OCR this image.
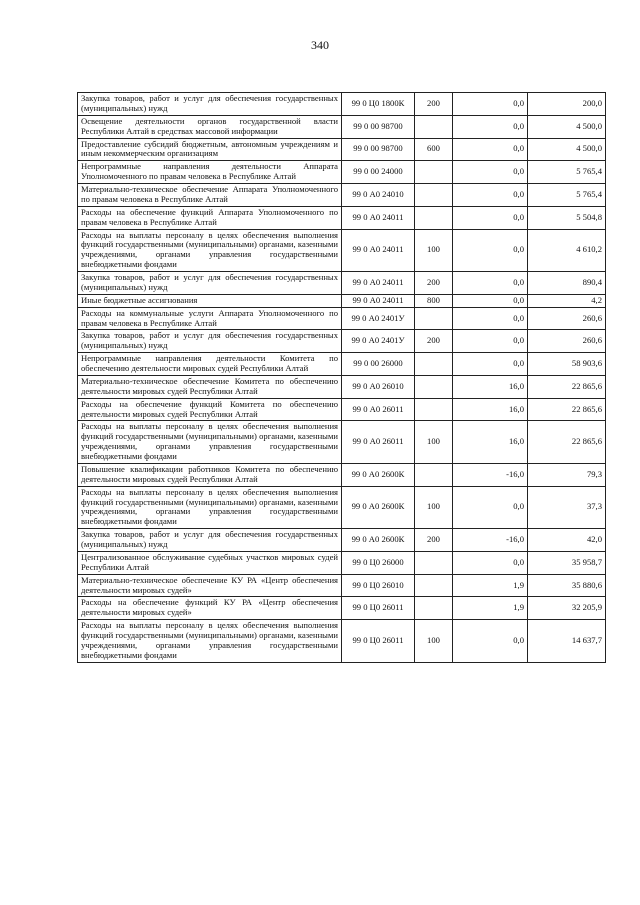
340
Закупка товаров, работ и услуг для обеспечения государственных (муниципальных) нужд	99 0 Ц0 1800К	200	0,0	200,0
Освещение деятельности органов государственной власти Республики Алтай в средствах массовой информации	99 0 00 98700		0,0	4 500,0
Предоставление субсидий бюджетным, автономным учреждениям и иным некоммерческим организациям	99 0 00 98700	600	0,0	4 500,0
Непрограммные направления деятельности Аппарата Уполномоченного по правам человека в Республике Алтай	99 0 00 24000		0,0	5 765,4
Материально-техническое обеспечение Аппарата Уполномоченного по правам человека в Республике Алтай	99 0 А0 24010		0,0	5 765,4
Расходы на обеспечение функций Аппарата Уполномоченного по правам человека в Республике Алтай	99 0 А0 24011		0,0	5 504,8
Расходы на выплаты персоналу в целях обеспечения выполнения функций государственными (муниципальными) органами, казенными учреждениями, органами управления государственными внебюджетными фондами	99 0 А0 24011	100	0,0	4 610,2
Закупка товаров, работ и услуг для обеспечения государственных (муниципальных) нужд	99 0 А0 24011	200	0,0	890,4
Иные бюджетные ассигнования	99 0 А0 24011	800	0,0	4,2
Расходы на коммунальные услуги Аппарата Уполномоченного по правам человека в Республике Алтай	99 0 А0 2401У		0,0	260,6
Закупка товаров, работ и услуг для обеспечения государственных (муниципальных) нужд	99 0 А0 2401У	200	0,0	260,6
Непрограммные направления деятельности Комитета по обеспечению деятельности мировых судей Республики Алтай	99 0 00 26000		0,0	58 903,6
Материально-техническое обеспечение Комитета по обеспечению деятельности мировых судей Республики Алтай	99 0 А0 26010		16,0	22 865,6
Расходы на обеспечение функций Комитета по обеспечению деятельности мировых судей Республики Алтай	99 0 А0 26011		16,0	22 865,6
Расходы на выплаты персоналу в целях обеспечения выполнения функций государственными (муниципальными) органами, казенными учреждениями, органами управления государственными внебюджетными фондами	99 0 А0 26011	100	16,0	22 865,6
Повышение квалификации работников Комитета по обеспечению деятельности мировых судей Республики Алтай	99 0 А0 2600К		-16,0	79,3
Расходы на выплаты персоналу в целях обеспечения выполнения функций государственными (муниципальными) органами, казенными учреждениями, органами управления государственными внебюджетными фондами	99 0 А0 2600К	100	0,0	37,3
Закупка товаров, работ и услуг для обеспечения государственных (муниципальных) нужд	99 0 А0 2600К	200	-16,0	42,0
Централизованное обслуживание судебных участков мировых судей Республики Алтай	99 0 Ц0 26000		0,0	35 958,7
Материально-техническое обеспечение КУ РА «Центр обеспечения деятельности мировых судей»	99 0 Ц0 26010		1,9	35 880,6
Расходы на обеспечение функций КУ РА «Центр обеспечения деятельности мировых судей»	99 0 Ц0 26011		1,9	32 205,9
Расходы на выплаты персоналу в целях обеспечения выполнения функций государственными (муниципальными) органами, казенными учреждениями, органами управления государственными внебюджетными фондами	99 0 Ц0 26011	100	0,0	14 637,7
